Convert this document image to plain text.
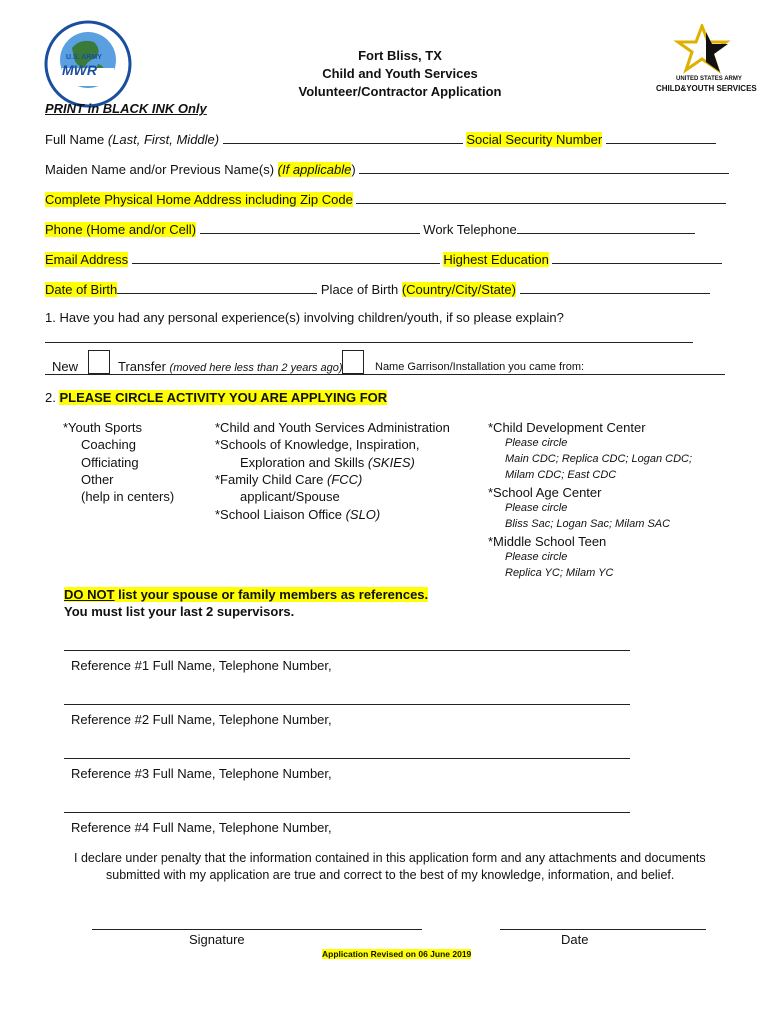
U.S. ARMY
MWR
UNITED STATES ARMY
CHILD&YOUTH SERVICES
Fort Bliss, TX
Child and Youth Services
Volunteer/Contractor Application
PRINT in BLACK INK Only
Full Name (Last, First, Middle)	Social Security Number
Maiden Name and/or Previous Name(s) (If applicable)
Complete Physical Home Address including Zip Code
Phone (Home and/or Cell)	Work Telephone
Email Address	Highest Education
Date of Birth	Place of Birth (Country/City/State)
1. Have you had any personal experience(s) involving children/youth, if so please explain?
New	Transfer (moved here less than 2 years ago)	Name Garrison/Installation you came from:
2. PLEASE CIRCLE ACTIVITY YOU ARE APPLYING FOR
*Youth Sports
Coaching
Officiating
Other
(help in centers)
*Child and Youth Services Administration
*Schools of Knowledge, Inspiration,
Exploration and Skills (SKIES)
*Family Child Care (FCC)
applicant/Spouse
*School Liaison Office (SLO)
*Child Development Center
Please circle
Main CDC; Replica CDC; Logan CDC;
Milam CDC; East CDC
*School Age Center
Please circle
Bliss Sac; Logan Sac; Milam SAC
*Middle School Teen
Please circle
Replica YC; Milam YC
DO NOT list your spouse or family members as references.
You must list your last 2 supervisors.
Reference #1 Full Name, Telephone Number,
Reference #2 Full Name, Telephone Number,
Reference #3 Full Name, Telephone Number,
Reference #4 Full Name, Telephone Number,
I declare under penalty that the information contained in this application form and any attachments and documents
submitted with my application are true and correct to the best of my knowledge, information, and belief.
Signature	Date
Application Revised on 06 June 2019
